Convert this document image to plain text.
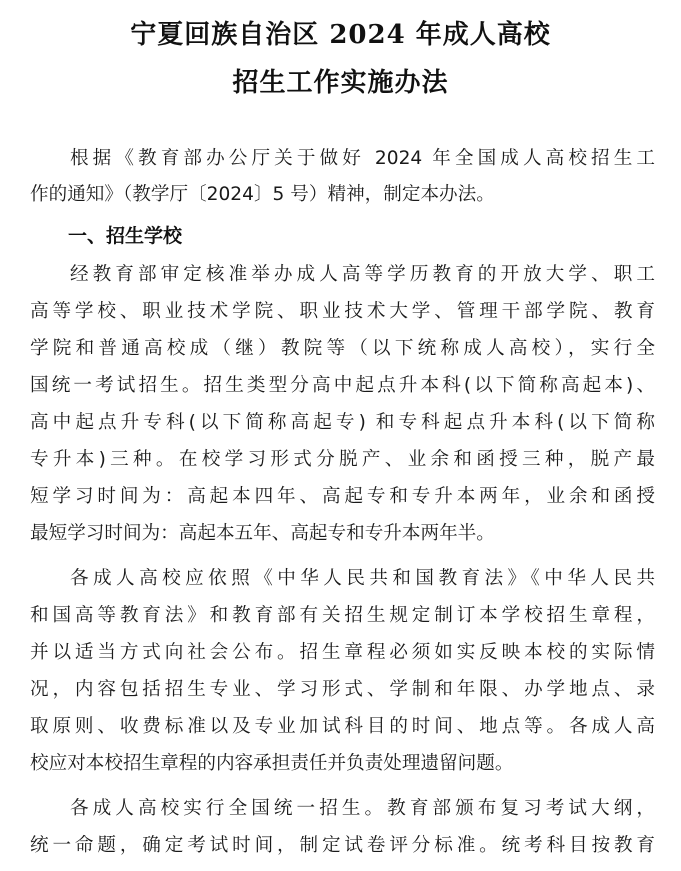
宁夏回族自治区 2024 年成人高校
招生工作实施办法
根据《教育部办公厅关于做好 2024 年全国成人高校招生工
作的通知》（教学厅〔2024〕5 号）精神，制定本办法。
一、招生学校
经教育部审定核准举办成人高等学历教育的开放大学、职工
高等学校、职业技术学院、职业技术大学、管理干部学院、教育
学院和普通高校成（继）教院等（以下统称成人高校），实行全
国统一考试招生。招生类型分高中起点升本科(以下简称高起本)、
高中起点升专科(以下简称高起专) 和专科起点升本科(以下简称
专升本)三种。在校学习形式分脱产、业余和函授三种，脱产最
短学习时间为：高起本四年、高起专和专升本两年，业余和函授
最短学习时间为：高起本五年、高起专和专升本两年半。
各成人高校应依照《中华人民共和国教育法》《中华人民共
和国高等教育法》和教育部有关招生规定制订本学校招生章程，
并以适当方式向社会公布。招生章程必须如实反映本校的实际情
况，内容包括招生专业、学习形式、学制和年限、办学地点、录
取原则、收费标准以及专业加试科目的时间、地点等。各成人高
校应对本校招生章程的内容承担责任并负责处理遗留问题。
各成人高校实行全国统一招生。教育部颁布复习考试大纲，
统一命题，确定考试时间，制定试卷评分标准。统考科目按教育
